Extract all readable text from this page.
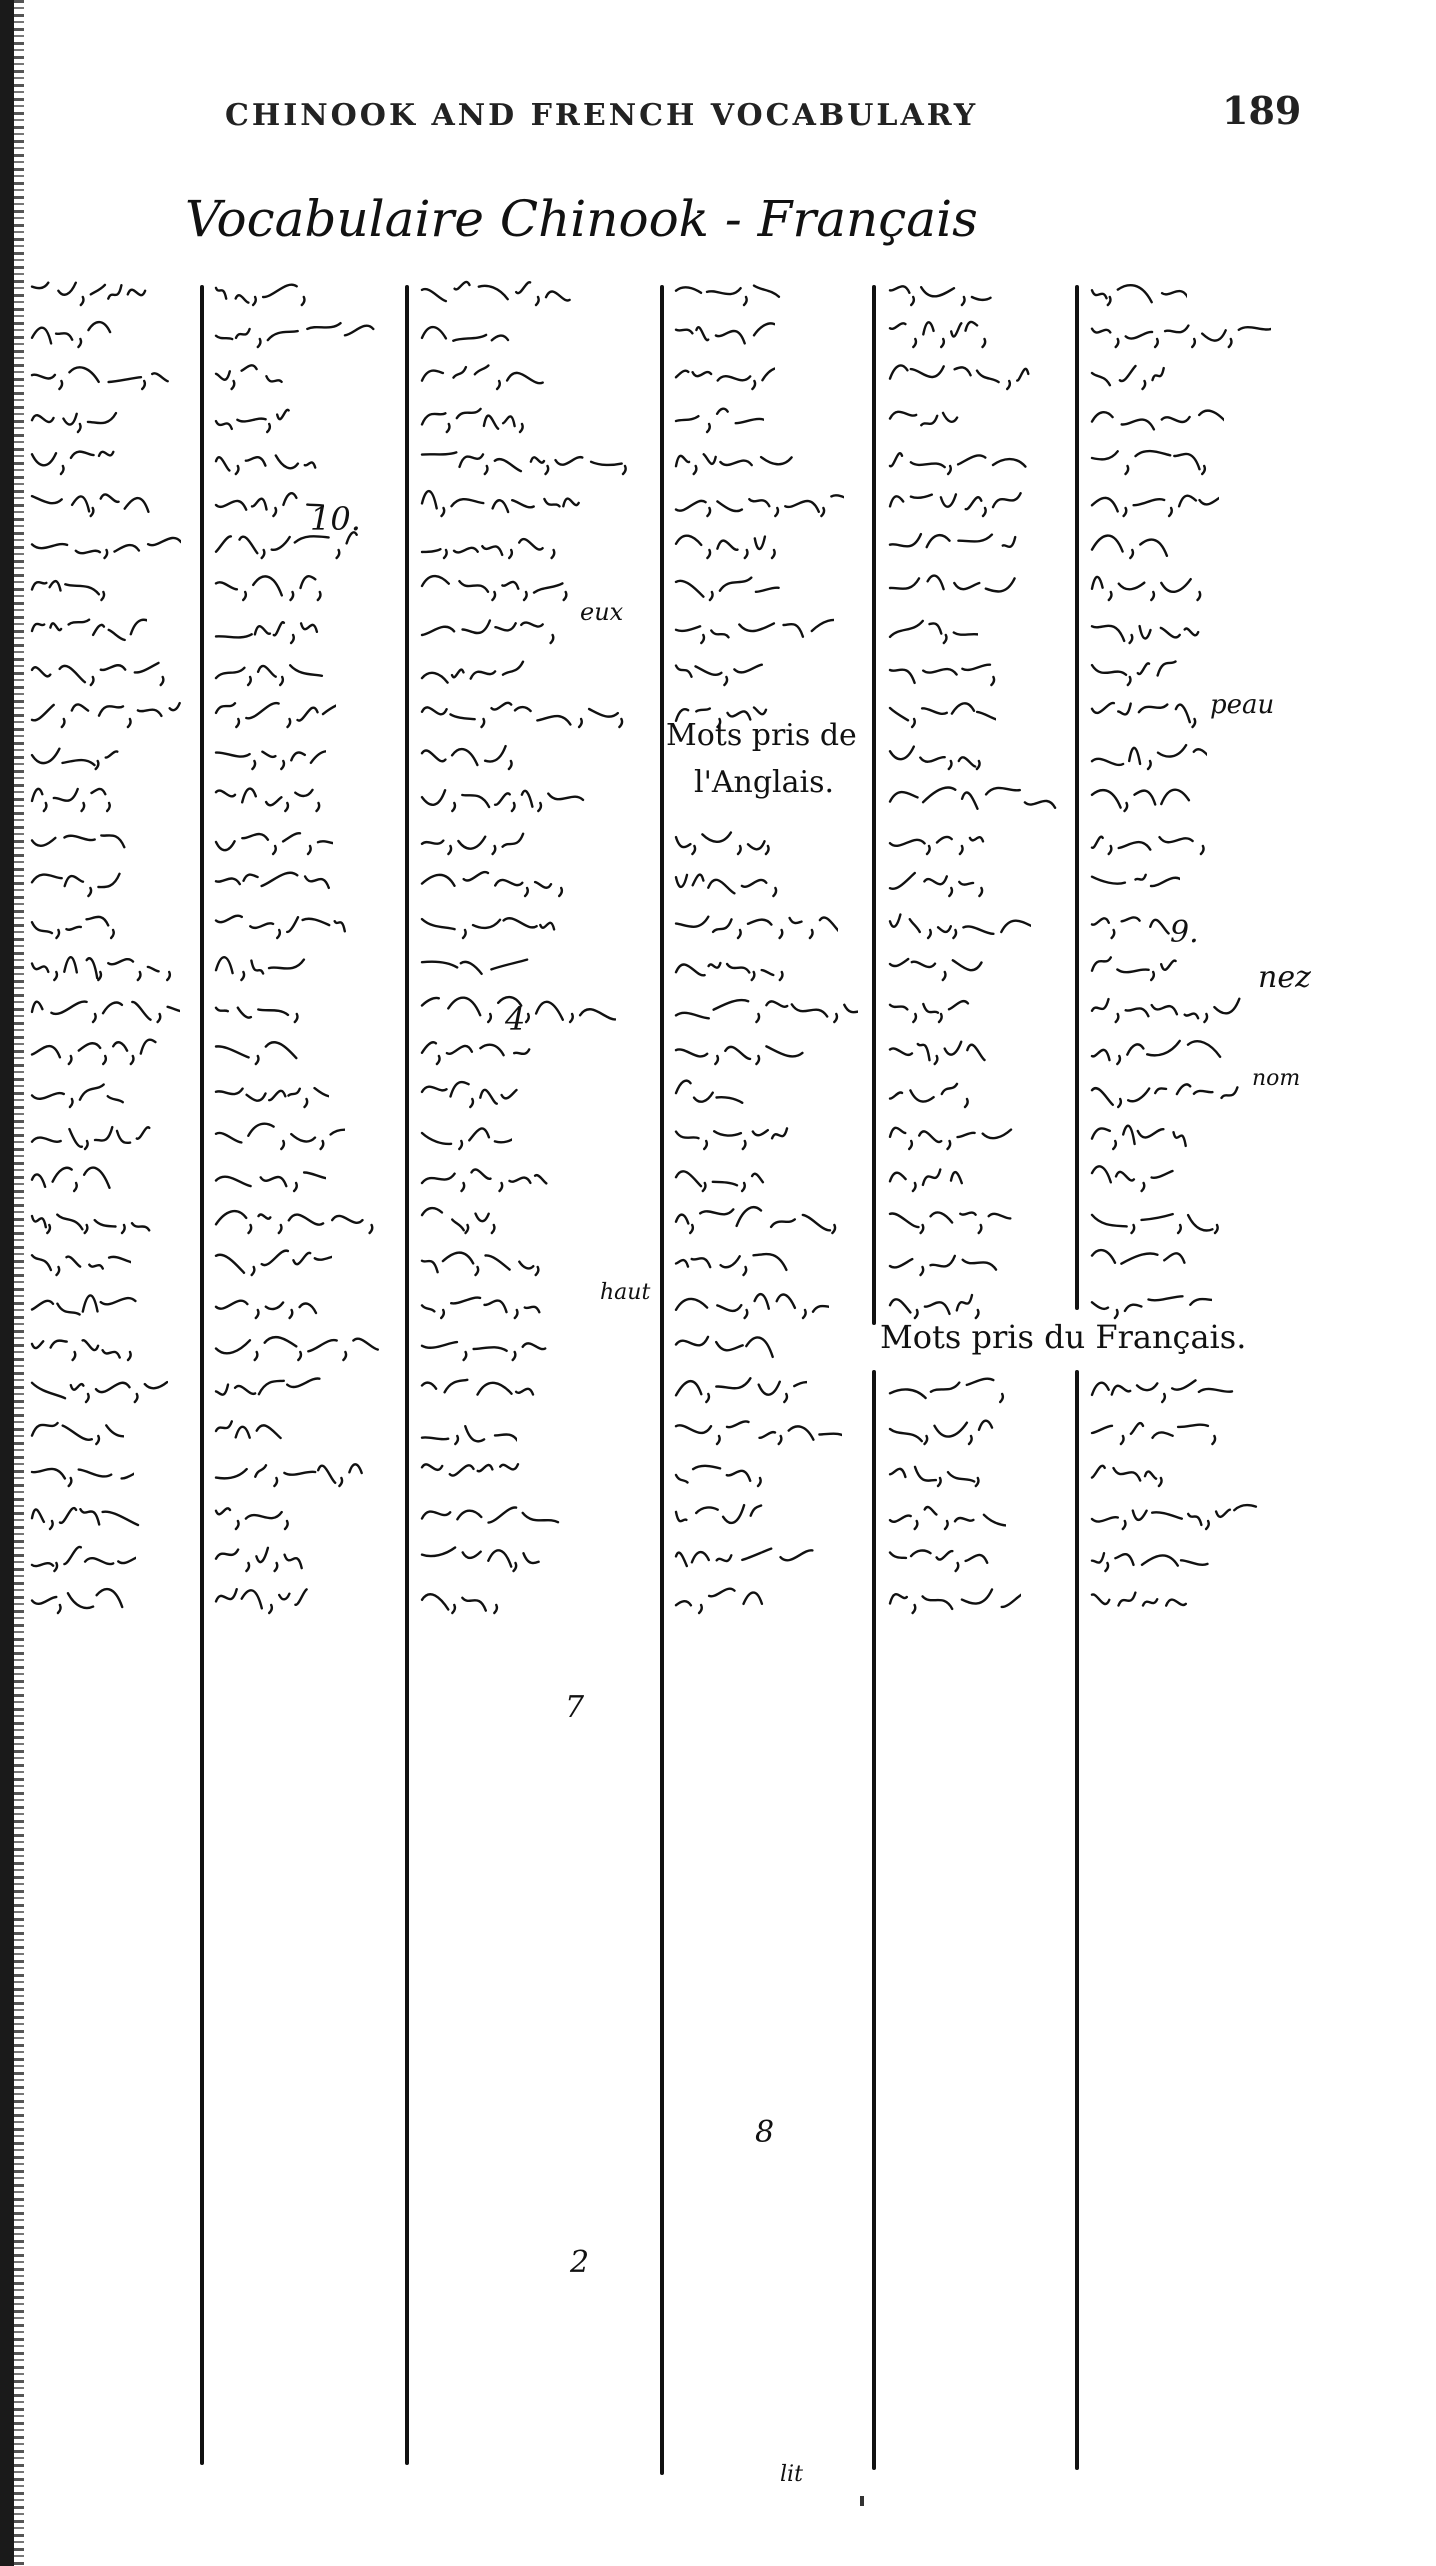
CHINOOK AND FRENCH VOCABULARY	189
Vocabulaire Chinook - Français
peau
eux
haut
nez
nom
lit
10.
4
9.
8
7
2
Mots pris de
l'Anglais.
Mots pris du Français.
